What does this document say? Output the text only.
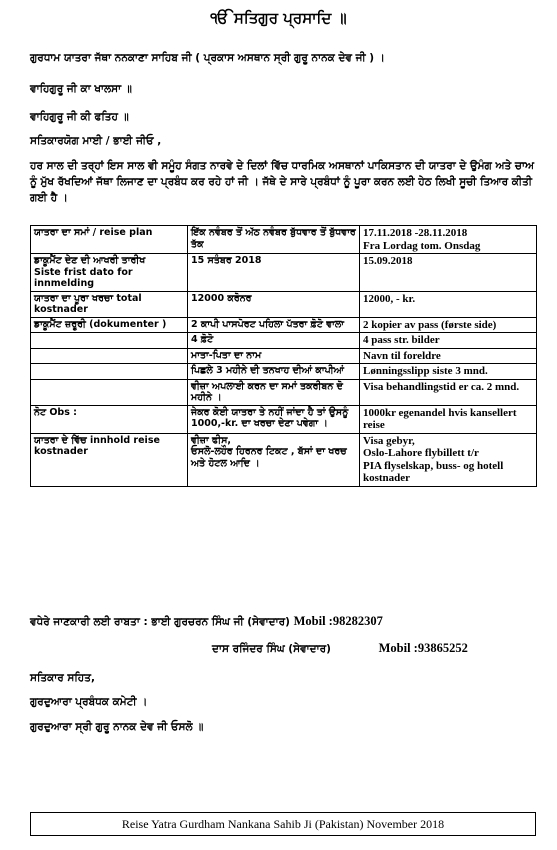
ੴ ਸਤਿਗੁਰ ਪ੍ਰਸਾਦਿ ॥
ਗੁਰਧਾਮ ਯਾਤਰਾ ਜੱਥਾ ਨਨਕਾਣਾ ਸਾਹਿਬ ਜੀ ( ਪ੍ਰਕਾਸ ਅਸਥਾਨ ਸ੍ਰੀ ਗੁਰੂ ਨਾਨਕ ਦੇਵ ਜੀ ) ।
ਵਾਹਿਗੁਰੂ ਜੀ ਕਾ ਖਾਲਸਾ ॥
ਵਾਹਿਗੁਰੂ ਜੀ ਕੀ ਫਤਿਹ ॥
ਸਤਿਕਾਰਯੋਗ ਮਾਈ / ਭਾਈ ਜੀਓ ,
ਹਰ ਸਾਲ ਦੀ ਤਰ੍ਹਾਂ ਇਸ ਸਾਲ ਵੀ ਸਮੂੰਹ ਸੰਗਤ ਨਾਰਵੇ ਦੇ ਦਿਲਾਂ ਵਿੱਚ ਧਾਰਮਿਕ ਅਸਥਾਨਾਂ ਪਾਕਿਸਤਾਨ ਦੀ ਯਾਤਰਾ ਦੇ ਉਮੰਗ ਅਤੇ ਚਾਅ ਨੂੰ ਮੁੱਖ ਰੱਖਦਿਆਂ ਜੱਥਾ ਲਿਜਾਣ ਦਾ ਪ੍ਰਬੰਧ ਕਰ ਰਹੇ ਹਾਂ ਜੀ । ਜੱਥੇ ਦੇ ਸਾਰੇ ਪ੍ਰਬੰਧਾਂ ਨੂੰ ਪੂਰਾ ਕਰਨ ਲਈ ਹੇਠ ਲਿਖੀ ਸੂਚੀ ਤਿਆਰ ਕੀਤੀ ਗਈ ਹੈ ।
ਯਾਤਰਾ ਦਾ ਸਮਾਂ / reise plan	ਇੱਕ ਨਵੰਬਰ ਤੋਂ ਅੱਠ ਨਵੰਬਰ ਬੁੱਧਵਾਰ ਤੋਂ ਬੁੱਧਵਾਰ ਤੱਕ	17.11.2018 -28.11.2018
Fra Lordag tom. Onsdag
ਡਾਕੂਮੈਂਟ ਦੇਣ ਦੀ ਆਖਰੀ ਤਾਰੀਖ
Siste frist dato for innmelding	15 ਸਤੰਬਰ 2018	15.09.2018
ਯਾਤਰਾ ਦਾ ਪੂਰਾ ਖਰਚਾ total kostnader	12000 ਕਰੋਨਰ	12000, - kr.
ਡਾਕੂਮੈਂਟ ਜ਼ਰੂਰੀ (dokumenter )	2 ਕਾਪੀ ਪਾਸਪੋਰਟ ਪਹਿਲਾ ਪੱਤਰਾ ਫ਼ੋਟੋ ਵਾਲਾ	2 kopier av pass (første side)
	4 ਫ਼ੋਟੋ	4 pass str. bilder
	ਮਾਤਾ-ਪਿਤਾ ਦਾ ਨਾਮ	Navn til foreldre
	ਪਿਛਲੇ 3 ਮਹੀਨੇ ਦੀ ਤਨਖਾਹ ਦੀਆਂ ਕਾਪੀਆਂ	Lønningsslipp siste 3 mnd.
	ਵੀਜ਼ਾ ਅਪਲਾਈ ਕਰਨ ਦਾ ਸਮਾਂ ਤਕਰੀਬਨ ਦੋ ਮਹੀਨੇ ।	Visa behandlingstid er ca. 2 mnd.
ਨੋਟ Obs :	ਜੇਕਰ ਕੋਈ ਯਾਤਰਾ ਤੇ ਨਹੀਂ ਜਾਂਦਾ ਹੈ ਤਾਂ ਉਸਨੂੰ 1000,-kr. ਦਾ ਖਰਚਾ ਦੇਣਾ ਪਵੇਗਾ ।	1000kr egenandel hvis kansellert reise
ਯਾਤਰਾ ਦੇ ਵਿੱਚ innhold reise kostnader	ਵੀਜ਼ਾ ਫੀਸ,
ਓਸਲੋ-ਲਹੌਰ ਹਿਰਨਰ ਟਿਕਟ , ਬੱਸਾਂ ਦਾ ਖਰਚ ਅਤੇ ਹੋਟਲ ਆਦਿ ।	Visa gebyr,
Oslo-Lahore flybillett t/r
PIA flyselskap, buss- og hotell kostnader
ਵਧੇਰੇ ਜਾਣਕਾਰੀ ਲਈ ਰਾਬਤਾ : ਭਾਈ ਗੁਰਚਰਨ ਸਿੰਘ ਜੀ (ਸੇਵਾਦਾਰ) Mobil :98282307
ਦਾਸ ਰਜਿੰਦਰ ਸਿੰਘ (ਸੇਵਾਦਾਰ)	Mobil :93865252
ਸਤਿਕਾਰ ਸਹਿਤ,
ਗੁਰਦੁਆਰਾ ਪ੍ਰਬੰਧਕ ਕਮੇਟੀ ।
ਗੁਰਦੁਆਰਾ ਸ੍ਰੀ ਗੁਰੂ ਨਾਨਕ ਦੇਵ ਜੀ ਓਸਲੋ ॥
Reise Yatra Gurdham Nankana Sahib Ji (Pakistan) November 2018
